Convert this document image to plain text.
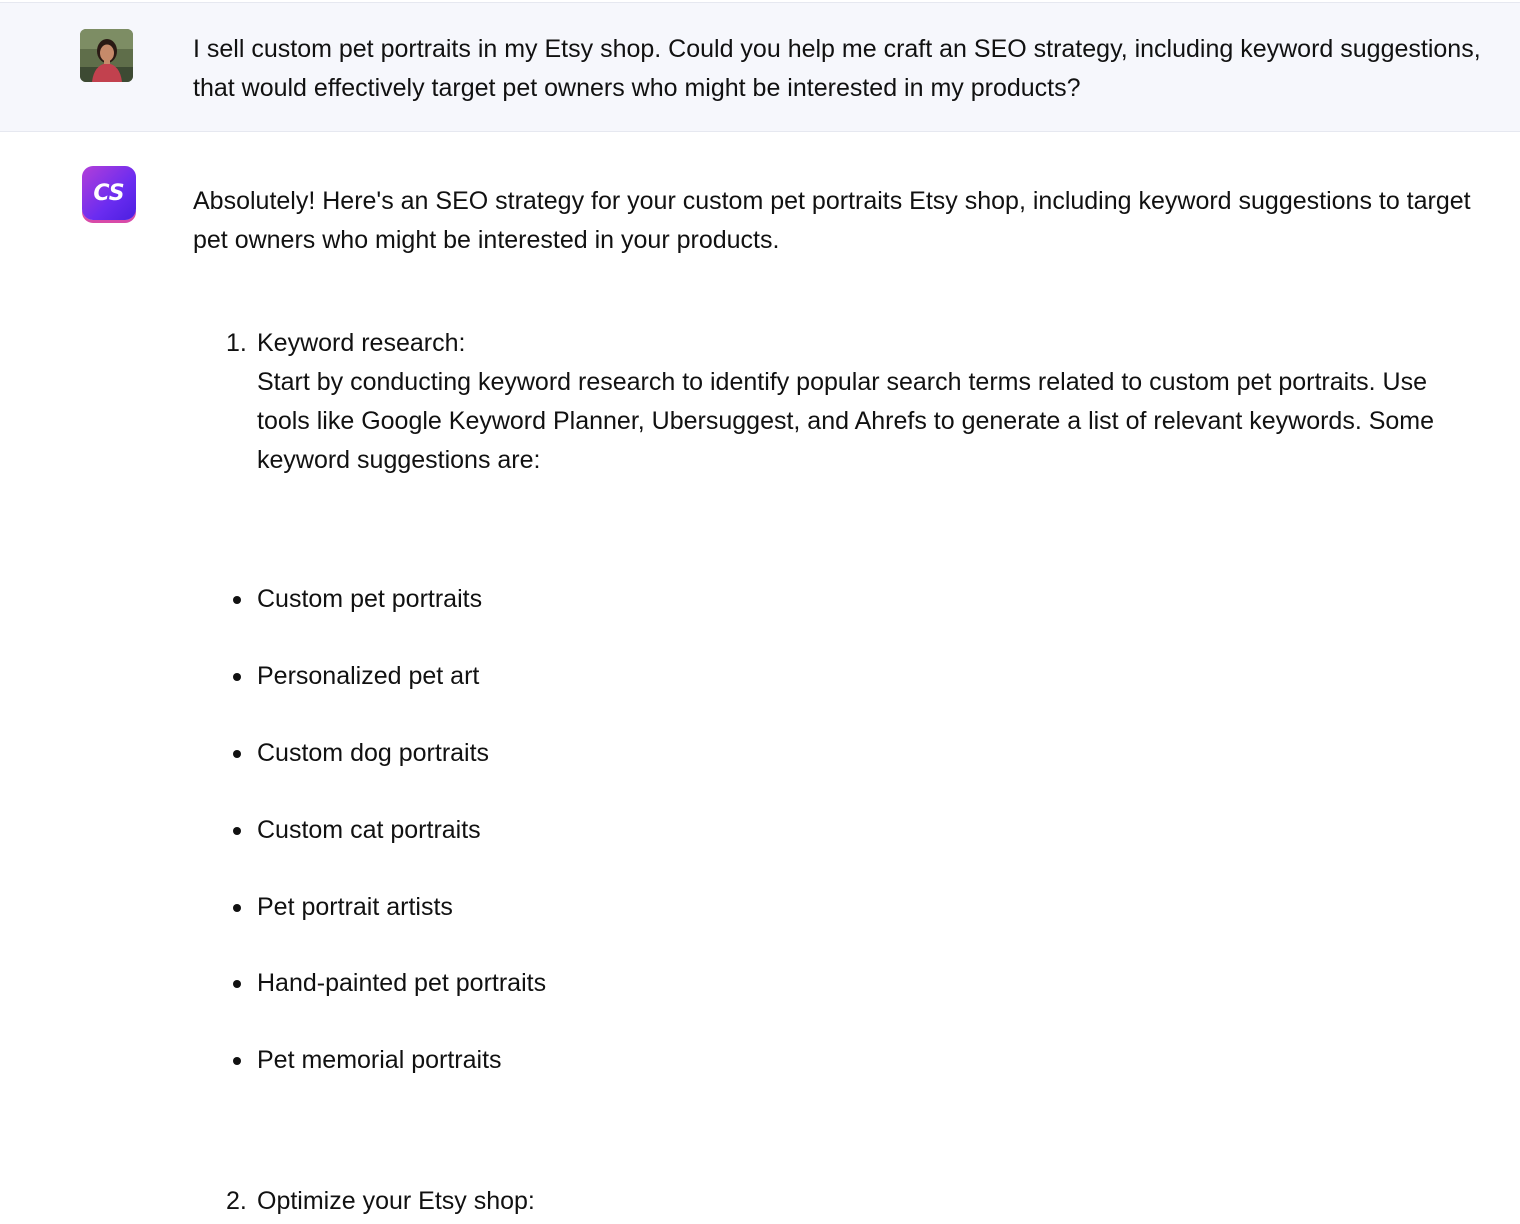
I sell custom pet portraits in my Etsy shop. Could you help me craft an SEO strategy, including keyword suggestions, that would effectively target pet owners who might be interested in my products?
CS	Absolutely! Here's an SEO strategy for your custom pet portraits Etsy shop, including keyword suggestions to target pet owners who might be interested in your products.
1. Keyword research:
Start by conducting keyword research to identify popular search terms related to custom pet portraits. Use tools like Google Keyword Planner, Ubersuggest, and Ahrefs to generate a list of relevant keywords. Some keyword suggestions are:
Custom pet portraits
Personalized pet art
Custom dog portraits
Custom cat portraits
Pet portrait artists
Hand-painted pet portraits
Pet memorial portraits
2. Optimize your Etsy shop:
